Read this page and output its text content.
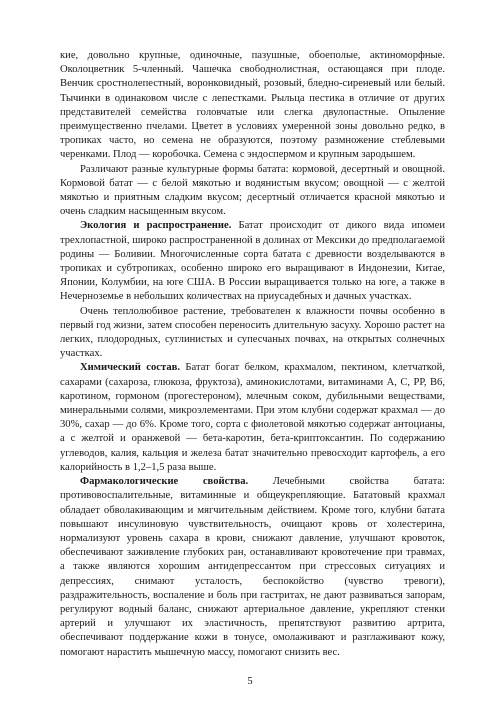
кие, довольно крупные, одиночные, пазушные, обоеполые, актиноморфные. Околоцветник 5-членный. Чашечка свободнолистная, остающаяся при плоде. Венчик сростнолепестный, воронковидный, розовый, бледно-сиреневый или белый. Тычинки в одинаковом числе с лепестками. Рыльца пестика в отличие от других представителей семейства головчатые или слегка двулопастные. Опыление преимущественно пчелами. Цветет в условиях умеренной зоны довольно редко, в тропиках часто, но семена не образуются, поэтому размножение стеблевыми черенками. Плод — коробочка. Семена с эндоспермом и крупным зародышем.

Различают разные культурные формы батата: кормовой, десертный и овощной. Кормовой батат — с белой мякотью и водянистым вкусом; овощной — с желтой мякотью и приятным сладким вкусом; десертный отличается красной мякотью и очень сладким насыщенным вкусом.

Экология и распространение. Батат происходит от дикого вида ипомеи трехлопастной, широко распространенной в долинах от Мексики до предполагаемой родины — Боливии. Многочисленные сорта батата с древности возделываются в тропиках и субтропиках, особенно широко его выращивают в Индонезии, Китае, Японии, Колумбии, на юге США. В России выращивается только на юге, а также в Нечерноземье в небольших количествах на приусадебных и дачных участках.

Очень теплолюбивое растение, требователен к влажности почвы особенно в первый год жизни, затем способен переносить длительную засуху. Хорошо растет на легких, плодородных, суглинистых и супесчаных почвах, на открытых солнечных участках.

Химический состав. Батат богат белком, крахмалом, пектином, клетчаткой, сахарами (сахароза, глюкоза, фруктоза), аминокислотами, витаминами А, С, РР, В6, каротином, гормоном (прогестероном), млечным соком, дубильными веществами, минеральными солями, микроэлементами. При этом клубни содержат крахмал — до 30%, сахар — до 6%. Кроме того, сорта с фиолетовой мякотью содержат антоцианы, а с желтой и оранжевой — бета-каротин, бета-криптоксантин. По содержанию углеводов, калия, кальция и железа батат значительно превосходит картофель, а его калорийность в 1,2–1,5 раза выше.

Фармакологические свойства. Лечебными свойства батата: противовоспалительные, витаминные и общеукрепляющие. Бататовый крахмал обладает обволакивающим и мягчительным действием. Кроме того, клубни батата повышают инсулиновую чувствительность, очищают кровь от холестерина, нормализуют уровень сахара в крови, снижают давление, улучшают кровоток, обеспечивают заживление глубоких ран, останавливают кровотечение при травмах, а также являются хорошим антидепрессантом при стрессовых ситуациях и депрессиях, снимают усталость, беспокойство (чувство тревоги), раздражительность, воспаление и боль при гастритах, не дают развиваться запорам, регулируют водный баланс, снижают артериальное давление, укрепляют стенки артерий и улучшают их эластичность, препятствуют развитию артрита, обеспечивают поддержание кожи в тонусе, омолаживают и разглаживают кожу, помогают нарастить мышечную массу, помогают снизить вес.

5
